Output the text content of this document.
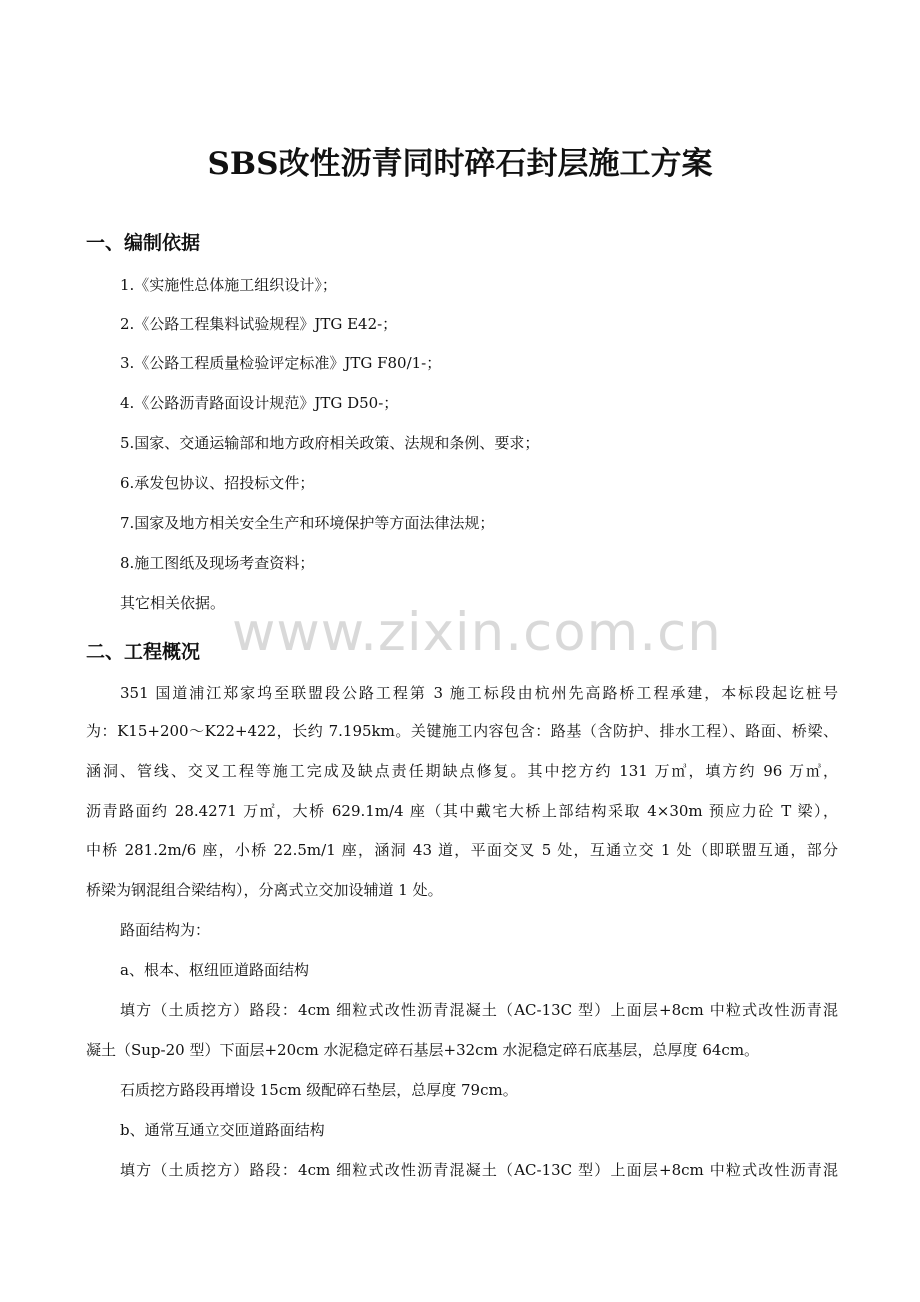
SBS改性沥青同时碎石封层施工方案
一、编制依据
1.《实施性总体施工组织设计》；
2.《公路工程集料试验规程》JTG E42-；
3.《公路工程质量检验评定标准》JTG F80/1-；
4.《公路沥青路面设计规范》JTG D50-；
5.国家、交通运输部和地方政府相关政策、法规和条例、要求；
6.承发包协议、招投标文件；
7.国家及地方相关安全生产和环境保护等方面法律法规；
8.施工图纸及现场考查资料；
其它相关依据。 www.zixin.com.cn
二、工程概况
351 国道浦江郑家坞至联盟段公路工程第 3 施工标段由杭州先高路桥工程承建，本标段起讫桩号
为：K15+200～K22+422，长约 7.195km。关键施工内容包含：路基（含防护、排水工程）、路面、桥梁、
涵洞、管线、交叉工程等施工完成及缺点责任期缺点修复。其中挖方约 131 万㎥，填方约 96 万㎥，
沥青路面约 28.4271 万㎡，大桥 629.1m/4 座（其中戴宅大桥上部结构采取 4×30m 预应力砼 T 梁），
中桥 281.2m/6 座，小桥 22.5m/1 座，涵洞 43 道，平面交叉 5 处，互通立交 1 处（即联盟互通，部分
桥梁为钢混组合梁结构），分离式立交加设辅道 1 处。
路面结构为：
a、根本、枢纽匝道路面结构
填方（土质挖方）路段：4cm 细粒式改性沥青混凝土（AC-13C 型）上面层+8cm 中粒式改性沥青混
凝土（Sup-20 型）下面层+20cm 水泥稳定碎石基层+32cm 水泥稳定碎石底基层，总厚度 64cm。
石质挖方路段再增设 15cm 级配碎石垫层，总厚度 79cm。
b、通常互通立交匝道路面结构
填方（土质挖方）路段：4cm 细粒式改性沥青混凝土（AC-13C 型）上面层+8cm 中粒式改性沥青混
